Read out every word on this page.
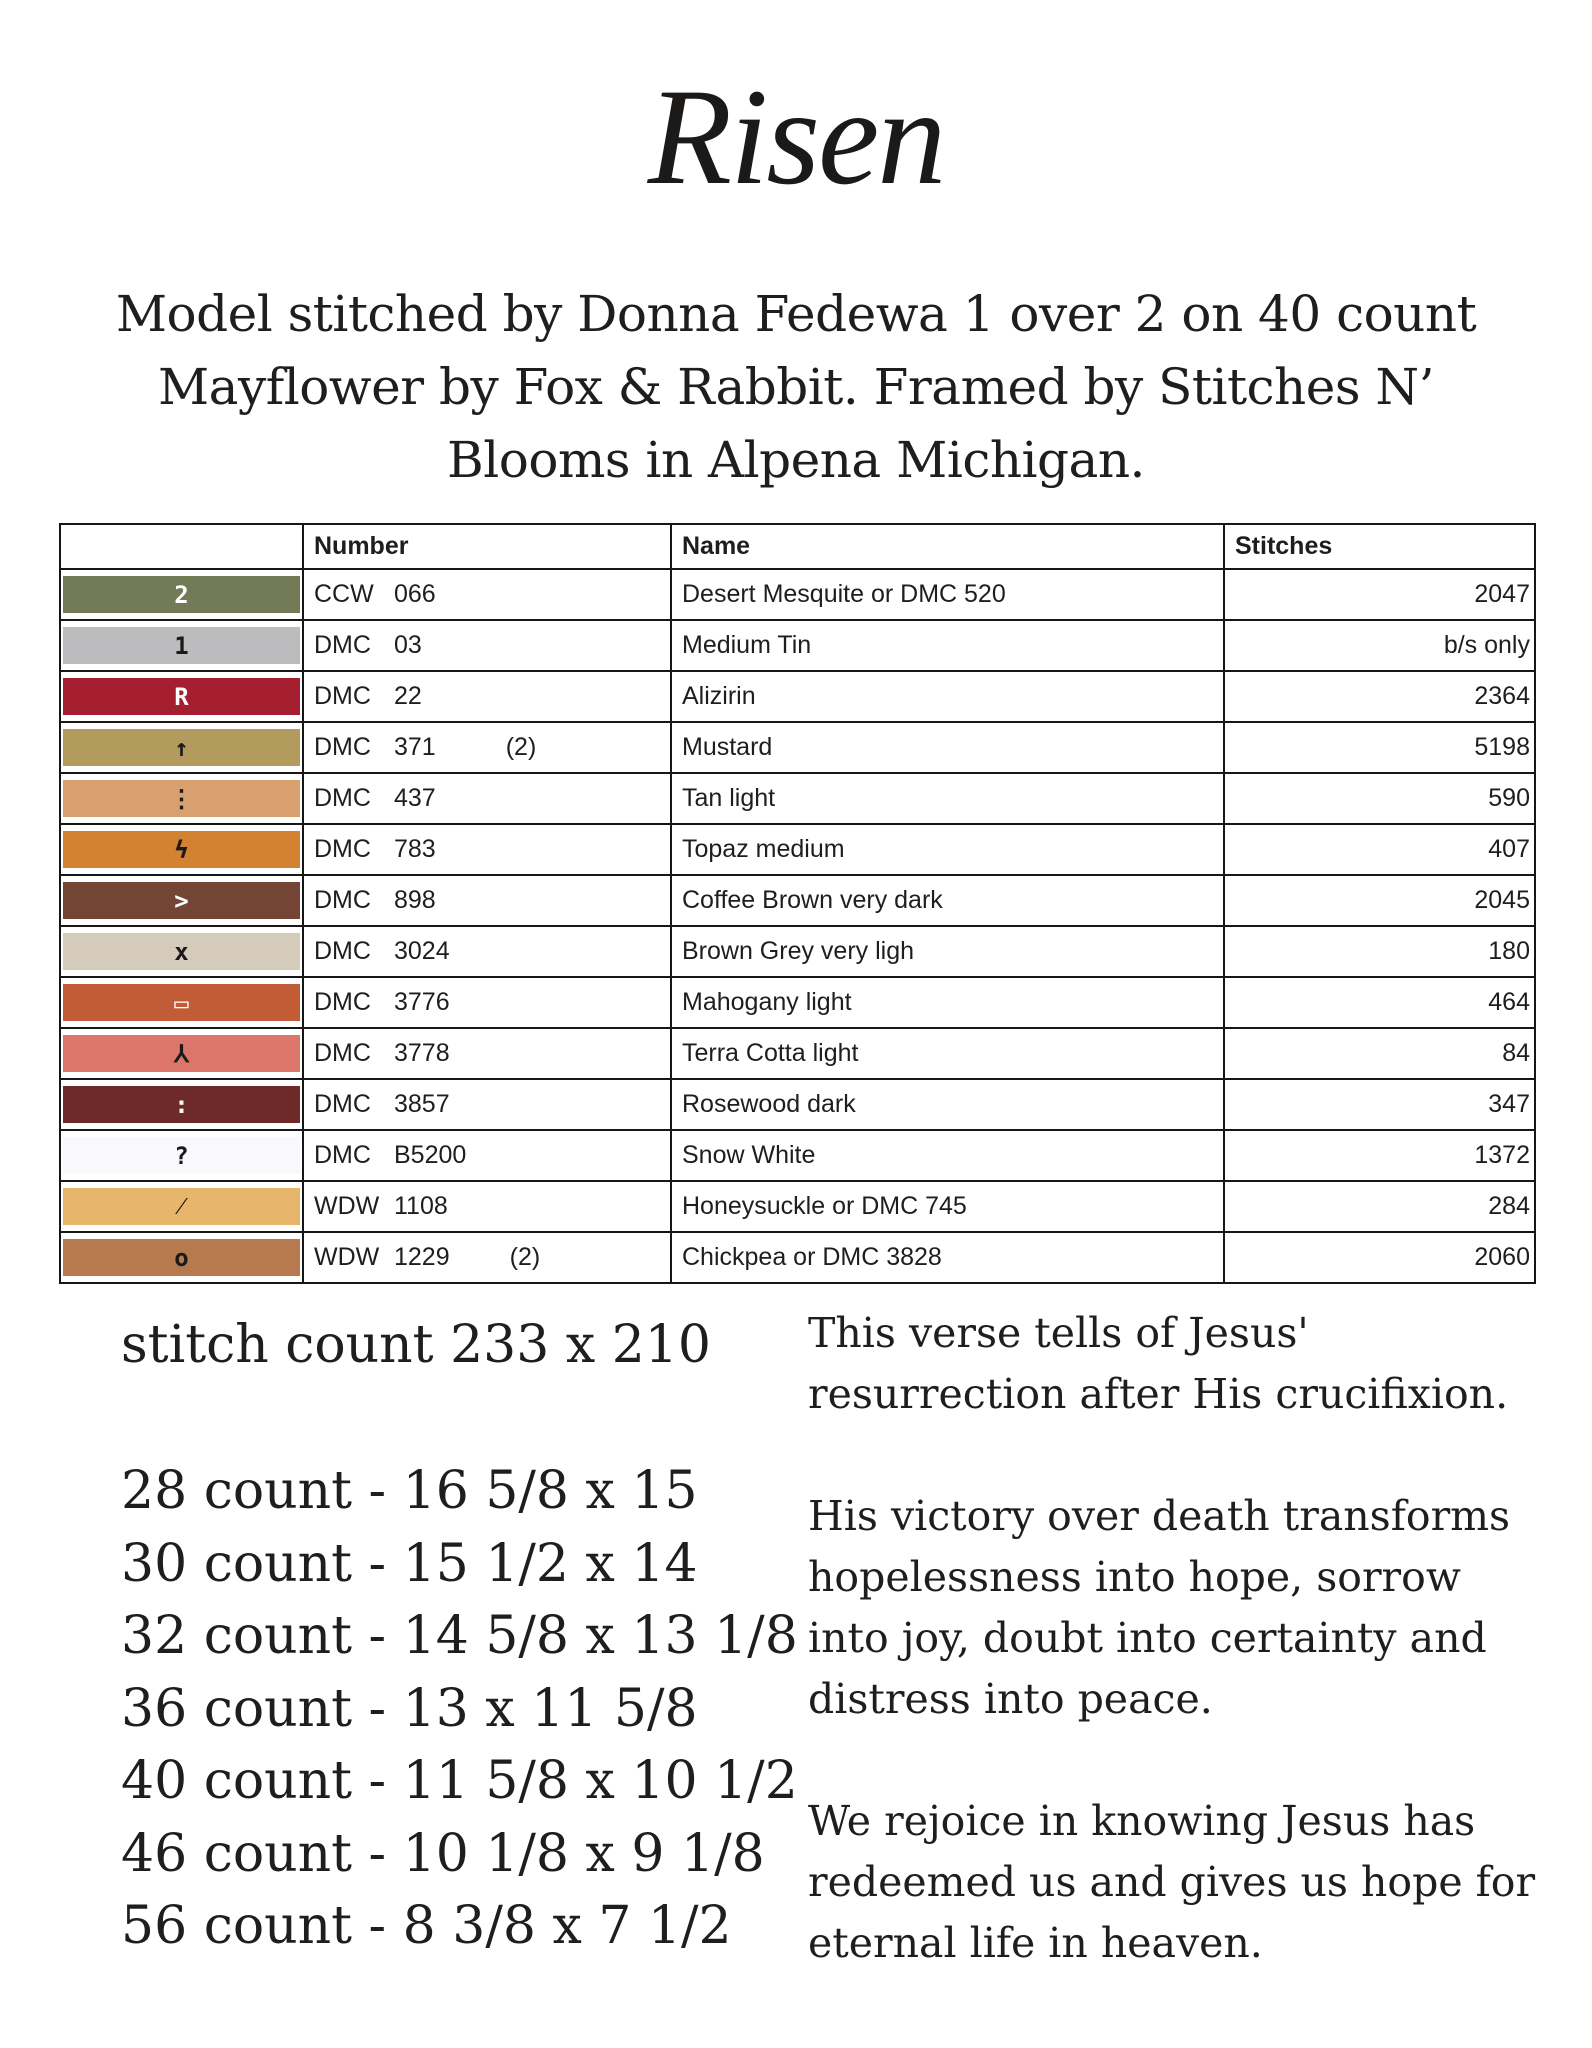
Risen
Model stitched by Donna Fedewa 1 over 2 on 40 count Mayflower by Fox & Rabbit. Framed by Stitches N’ Blooms in Alpena Michigan.
	Number	Name	Stitches

2	CCW 066	Desert Mesquite or DMC 520	2047

1	DMC 03	Medium Tin	b/s only

R	DMC 22	Alizirin	2364

↑	DMC 371 (2)	Mustard	5198

⋮	DMC 437	Tan light	590

ϟ	DMC 783	Topaz medium	407

>	DMC 898	Coffee Brown very dark	2045

x	DMC 3024	Brown Grey very ligh	180

▭	DMC 3776	Mahogany light	464

⅄	DMC 3778	Terra Cotta light	84

:	DMC 3857	Rosewood dark	347

?	DMC B5200	Snow White	1372

⁄	WDW 1108	Honeysuckle or DMC 745	284

o	WDW 1229 (2)	Chickpea or DMC 3828	2060

stitch count 233 x 210

28 count - 16 5/8 x 15
30 count - 15 1/2 x 14
32 count - 14 5/8 x 13 1/8
36 count - 13 x 11 5/8
40 count - 11 5/8 x 10 1/2
46 count - 10 1/8 x 9 1/8
56 count - 8 3/8 x 7 1/2

This verse tells of Jesus' resurrection after His crucifixion.

His victory over death transforms hopelessness into hope, sorrow into joy, doubt into certainty and distress into peace.

We rejoice in knowing Jesus has redeemed us and gives us hope for eternal life in heaven.
